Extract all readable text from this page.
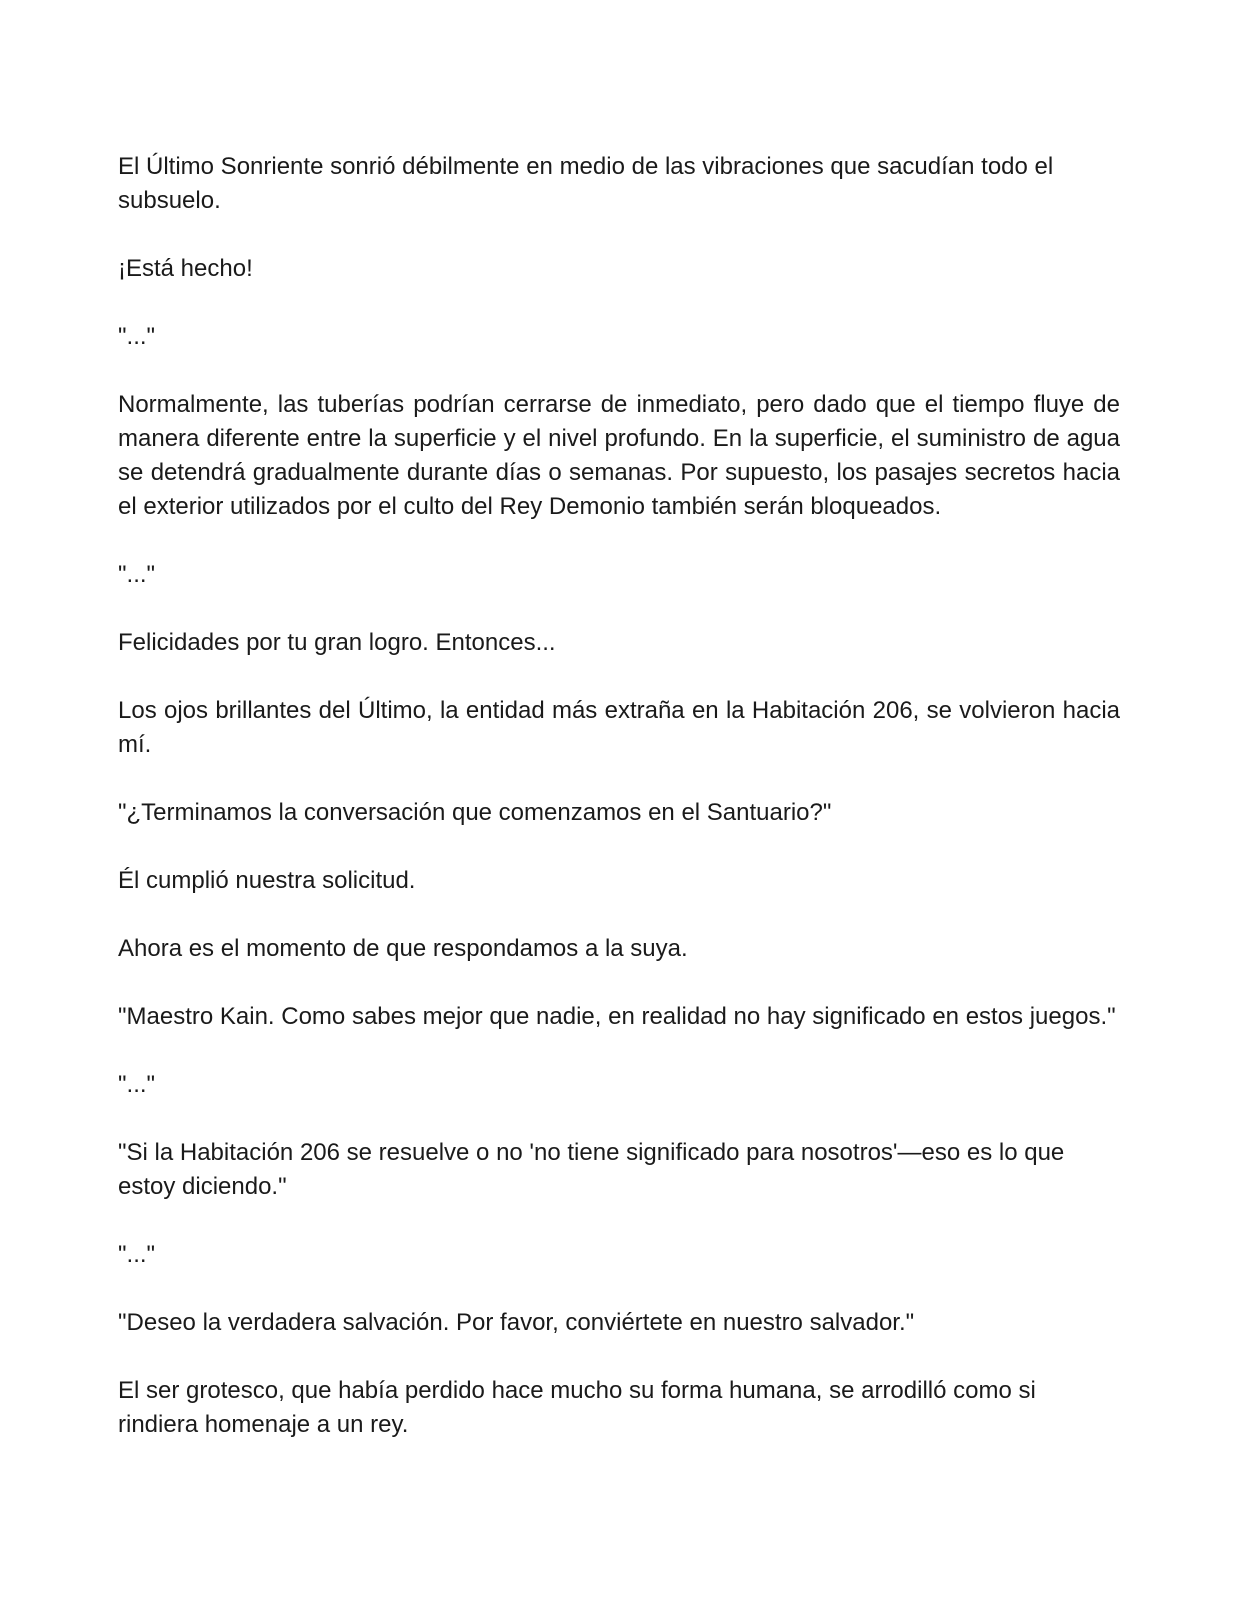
El Último Sonriente sonrió débilmente en medio de las vibraciones que sacudían todo el subsuelo.

¡Está hecho!

"..."

Normalmente, las tuberías podrían cerrarse de inmediato, pero dado que el tiempo fluye de manera diferente entre la superficie y el nivel profundo. En la superficie, el suministro de agua se detendrá gradualmente durante días o semanas. Por supuesto, los pasajes secretos hacia el exterior utilizados por el culto del Rey Demonio también serán bloqueados.

"..."

Felicidades por tu gran logro. Entonces...

Los ojos brillantes del Último, la entidad más extraña en la Habitación 206, se volvieron hacia mí.

"¿Terminamos la conversación que comenzamos en el Santuario?"

Él cumplió nuestra solicitud.

Ahora es el momento de que respondamos a la suya.

"Maestro Kain. Como sabes mejor que nadie, en realidad no hay significado en estos juegos."

"..."

"Si la Habitación 206 se resuelve o no 'no tiene significado para nosotros'—eso es lo que estoy diciendo."

"..."

"Deseo la verdadera salvación. Por favor, conviértete en nuestro salvador."

El ser grotesco, que había perdido hace mucho su forma humana, se arrodilló como si rindiera homenaje a un rey.
